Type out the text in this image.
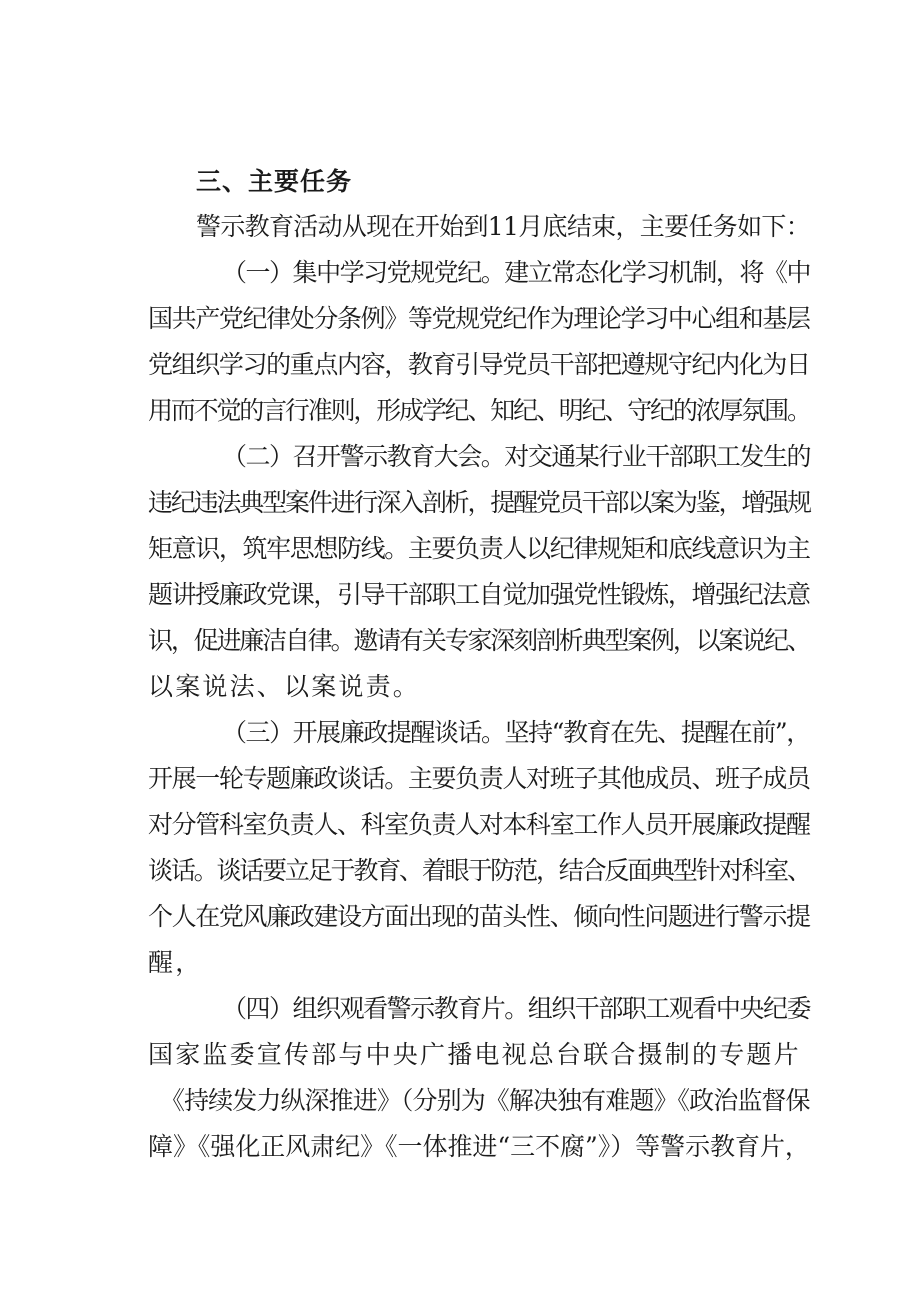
三、主要任务
警示教育活动从现在开始到11月底结束，主要任务如下：
（一）集中学习党规党纪。建立常态化学习机制，将《中
国共产党纪律处分条例》等党规党纪作为理论学习中心组和基层
党组织学习的重点内容，教育引导党员干部把遵规守纪内化为日
用而不觉的言行准则，形成学纪、知纪、明纪、守纪的浓厚氛围。
（二）召开警示教育大会。对交通某行业干部职工发生的
违纪违法典型案件进行深入剖析，提醒党员干部以案为鉴，增强规
矩意识，筑牢思想防线。主要负责人以纪律规矩和底线意识为主
题讲授廉政党课，引导干部职工自觉加强党性锻炼，增强纪法意
识，促进廉洁自律。邀请有关专家深刻剖析典型案例，以案说纪、
以案说法、以案说责。
（三）开展廉政提醒谈话。坚持“教育在先、提醒在前”，
开展一轮专题廉政谈话。主要负责人对班子其他成员、班子成员
对分管科室负责人、科室负责人对本科室工作人员开展廉政提醒
谈话。谈话要立足于教育、着眼于防范，结合反面典型针对科室、
个人在党风廉政建设方面出现的苗头性、倾向性问题进行警示提
醒，
（四）组织观看警示教育片。组织干部职工观看中央纪委
国家监委宣传部与中央广播电视总台联合摄制的专题片
《持续发力纵深推进》（分别为《解决独有难题》《政治监督保
障》《强化正风肃纪》《一体推进“三不腐”》）等警示教育片，
